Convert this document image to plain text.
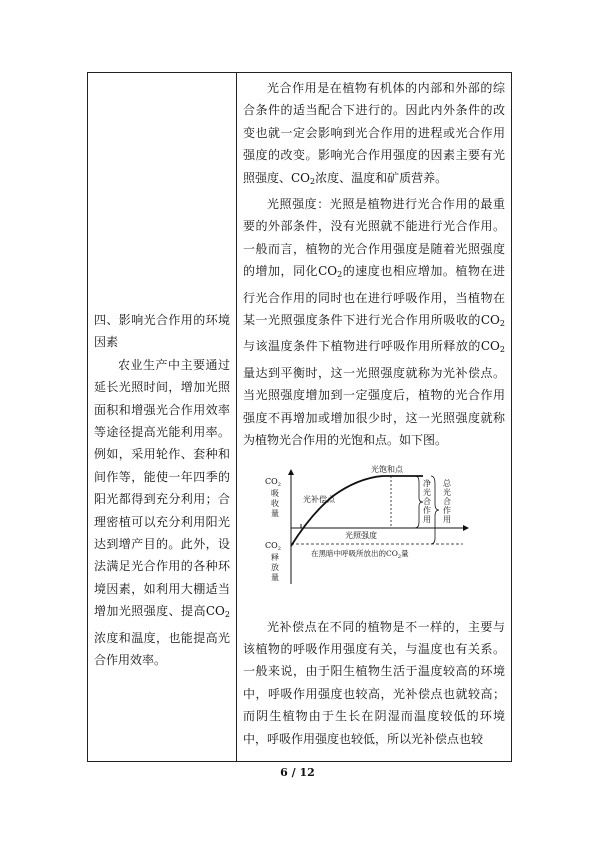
四、影响光合作用的环境因素
农业生产中主要通过延长光照时间，增加光照面积和增强光合作用效率等途径提高光能利用率。例如，采用轮作、套种和间作等，能使一年四季的阳光都得到充分利用；合理密植可以充分利用阳光达到增产目的。此外，设法满足光合作用的各种环境因素，如利用大棚适当增加光照强度、提高$CO_2$浓度和温度，也能提高光合作用效率。

光合作用是在植物有机体的内部和外部的综合条件的适当配合下进行的。因此内外条件的改变也就一定会影响到光合作用的进程或光合作用强度的改变。影响光合作用强度的因素主要有光照强度、$CO_2$浓度、温度和矿质营养。

光照强度：光照是植物进行光合作用的最重要的外部条件，没有光照就不能进行光合作用。一般而言，植物的光合作用强度是随着光照强度的增加，同化$CO_2$的速度也相应增加。植物在进行光合作用的同时也在进行呼吸作用，当植物在某一光照强度条件下进行光合作用所吸收的$CO_2$与该温度条件下植物进行呼吸作用所释放的$CO_2$量达到平衡时，这一光照强度就称为光补偿点。当光照强度增加到一定强度后，植物的光合作用强度不再增加或增加很少时，这一光照强度就称为植物光合作用的光饱和点。如下图。

光饱和点
光补偿点
$CO_2$
吸收量
$CO_2$
释放量
光照强度
净光合作用
总光合作用
在黑暗中呼吸所放出的$CO_2$量

光补偿点在不同的植物是不一样的，主要与该植物的呼吸作用强度有关，与温度也有关系。一般来说，由于阳生植物生活于温度较高的环境中，呼吸作用强度也较高，光补偿点也就较高；而阴生植物由于生长在阴湿而温度较低的环境中，呼吸作用强度也较低，所以光补偿点也较

6 / 12
